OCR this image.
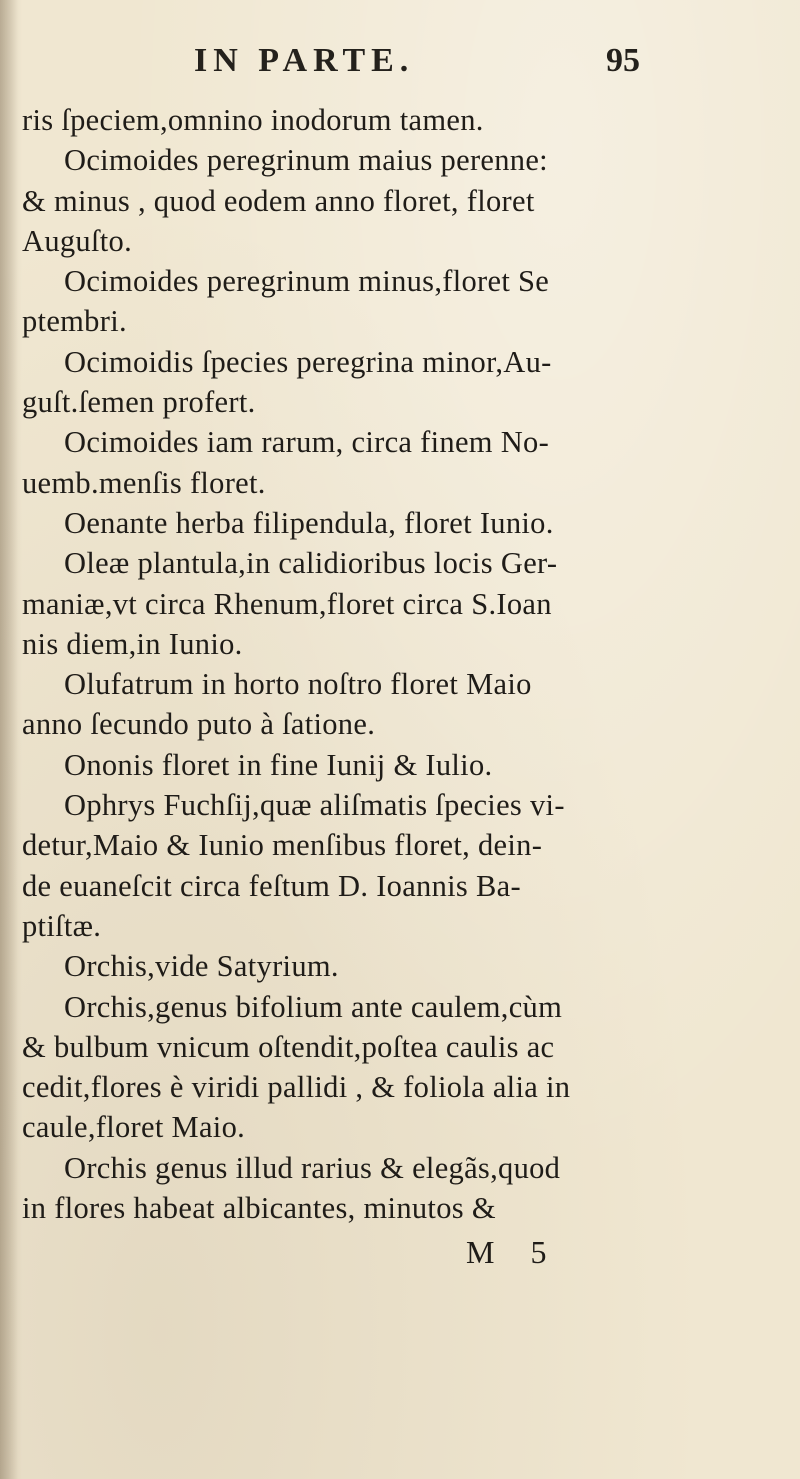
IN PARTE.	95
ris ſpeciem,omnino inodorum tamen.
Ocimoides peregrinum maius perenne:
& minus , quod eodem anno floret, floret
Auguſto.
Ocimoides peregrinum minus,floret Se
ptembri.
Ocimoidis ſpecies peregrina minor,Au-
guſt.ſemen profert.
Ocimoides iam rarum, circa finem No-
uemb.menſis floret.
Oenante herba filipendula, floret Iunio.
Oleæ plantula,in calidioribus locis Ger-
maniæ,vt circa Rhenum,floret circa S.Ioan
nis diem,in Iunio.
Olufatrum in horto noſtro floret Maio
anno ſecundo puto à ſatione.
Ononis floret in fine Iunij & Iulio.
Ophrys Fuchſij,quæ aliſmatis ſpecies vi-
detur,Maio & Iunio menſibus floret, dein-
de euaneſcit circa feſtum D. Ioannis Ba-
ptiſtæ.
Orchis,vide Satyrium.
Orchis,genus bifolium ante caulem,cùm
& bulbum vnicum oſtendit,poſtea caulis ac
cedit,flores è viridi pallidi , & foliola alia in
caule,floret Maio.
Orchis genus illud rarius & elegãs,quod
in flores habeat albicantes, minutos &
M 5
